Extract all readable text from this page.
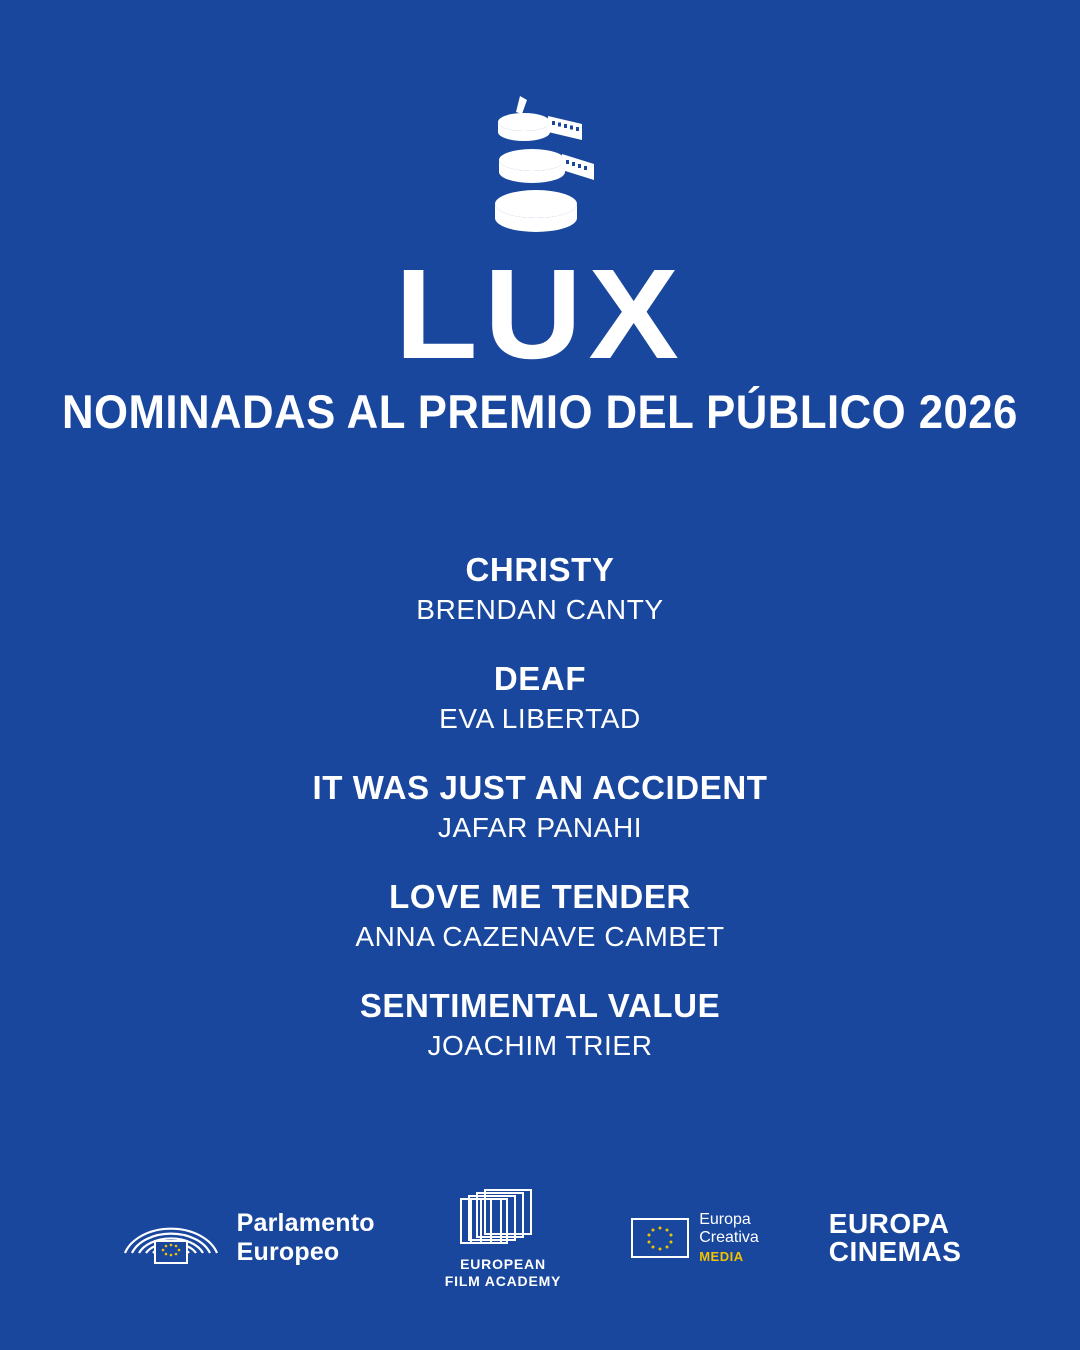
LUX
NOMINADAS AL PREMIO DEL PÚBLICO 2026
CHRISTY
BRENDAN CANTY
DEAF
EVA LIBERTAD
IT WAS JUST AN ACCIDENT
JAFAR PANAHI
LOVE ME TENDER
ANNA CAZENAVE CAMBET
SENTIMENTAL VALUE
JOACHIM TRIER
Parlamento
Europeo	EUROPEAN
FILM ACADEMY
Europa
Creativa
MEDIA
EUROPA
CINEMAS
